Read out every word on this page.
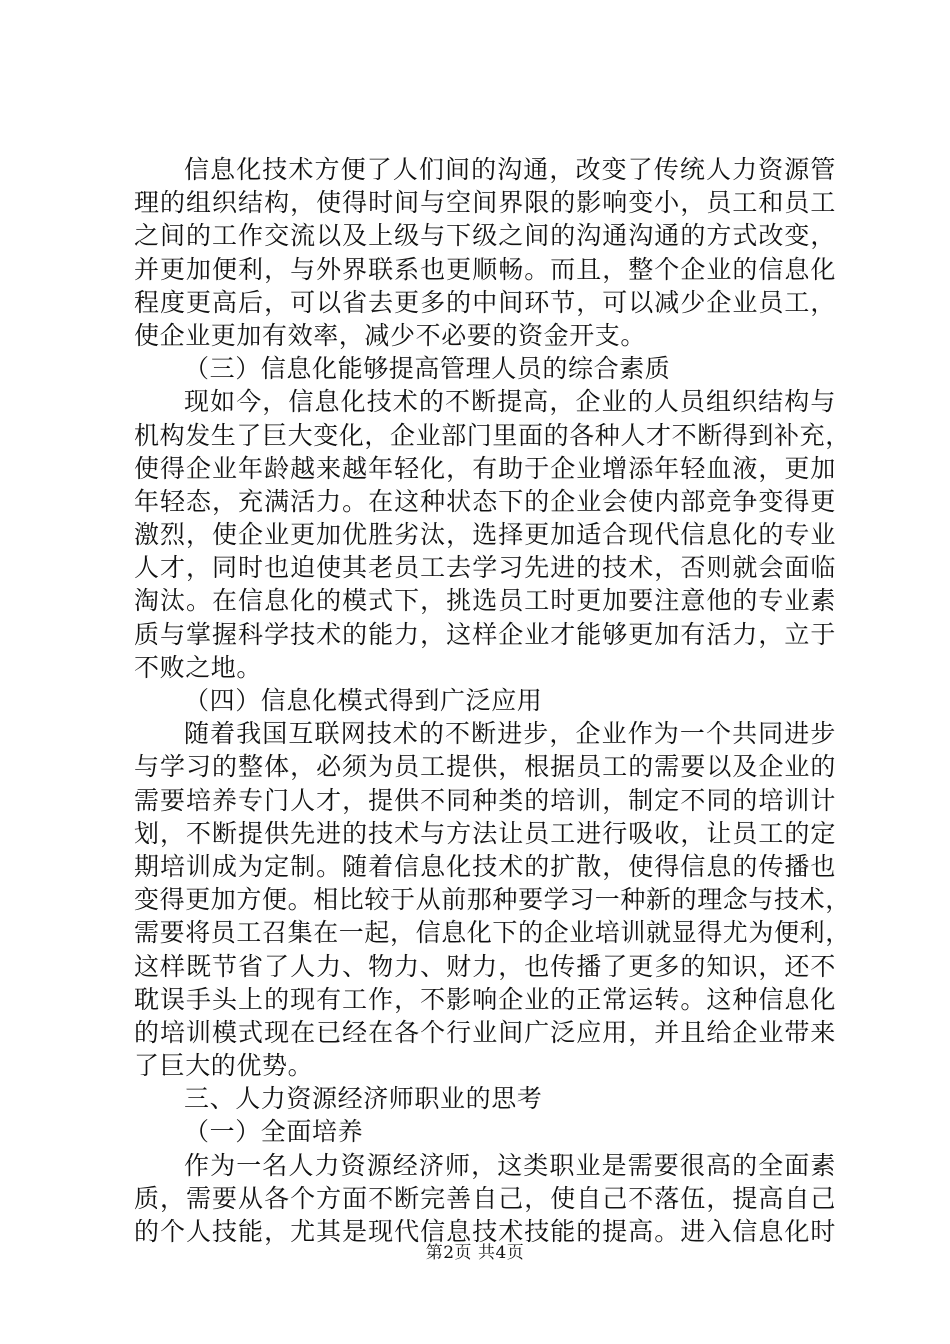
信息化技术方便了人们间的沟通，改变了传统人力资源管
理的组织结构，使得时间与空间界限的影响变小，员工和员工
之间的工作交流以及上级与下级之间的沟通沟通的方式改变，
并更加便利，与外界联系也更顺畅。而且，整个企业的信息化
程度更高后，可以省去更多的中间环节，可以减少企业员工，
使企业更加有效率，减少不必要的资金开支。
（三）信息化能够提高管理人员的综合素质
现如今，信息化技术的不断提高，企业的人员组织结构与
机构发生了巨大变化，企业部门里面的各种人才不断得到补充，
使得企业年龄越来越年轻化，有助于企业增添年轻血液，更加
年轻态，充满活力。在这种状态下的企业会使内部竞争变得更
激烈，使企业更加优胜劣汰，选择更加适合现代信息化的专业
人才，同时也迫使其老员工去学习先进的技术，否则就会面临
淘汰。在信息化的模式下，挑选员工时更加要注意他的专业素
质与掌握科学技术的能力，这样企业才能够更加有活力，立于
不败之地。
（四）信息化模式得到广泛应用
随着我国互联网技术的不断进步，企业作为一个共同进步
与学习的整体，必须为员工提供，根据员工的需要以及企业的
需要培养专门人才，提供不同种类的培训，制定不同的培训计
划，不断提供先进的技术与方法让员工进行吸收，让员工的定
期培训成为定制。随着信息化技术的扩散，使得信息的传播也
变得更加方便。相比较于从前那种要学习一种新的理念与技术，
需要将员工召集在一起，信息化下的企业培训就显得尤为便利，
这样既节省了人力、物力、财力，也传播了更多的知识，还不
耽误手头上的现有工作，不影响企业的正常运转。这种信息化
的培训模式现在已经在各个行业间广泛应用，并且给企业带来
了巨大的优势。
三、人力资源经济师职业的思考
（一）全面培养
作为一名人力资源经济师，这类职业是需要很高的全面素
质，需要从各个方面不断完善自己，使自己不落伍，提高自己
的个人技能，尤其是现代信息技术技能的提高。进入信息化时
第2页 共4页
